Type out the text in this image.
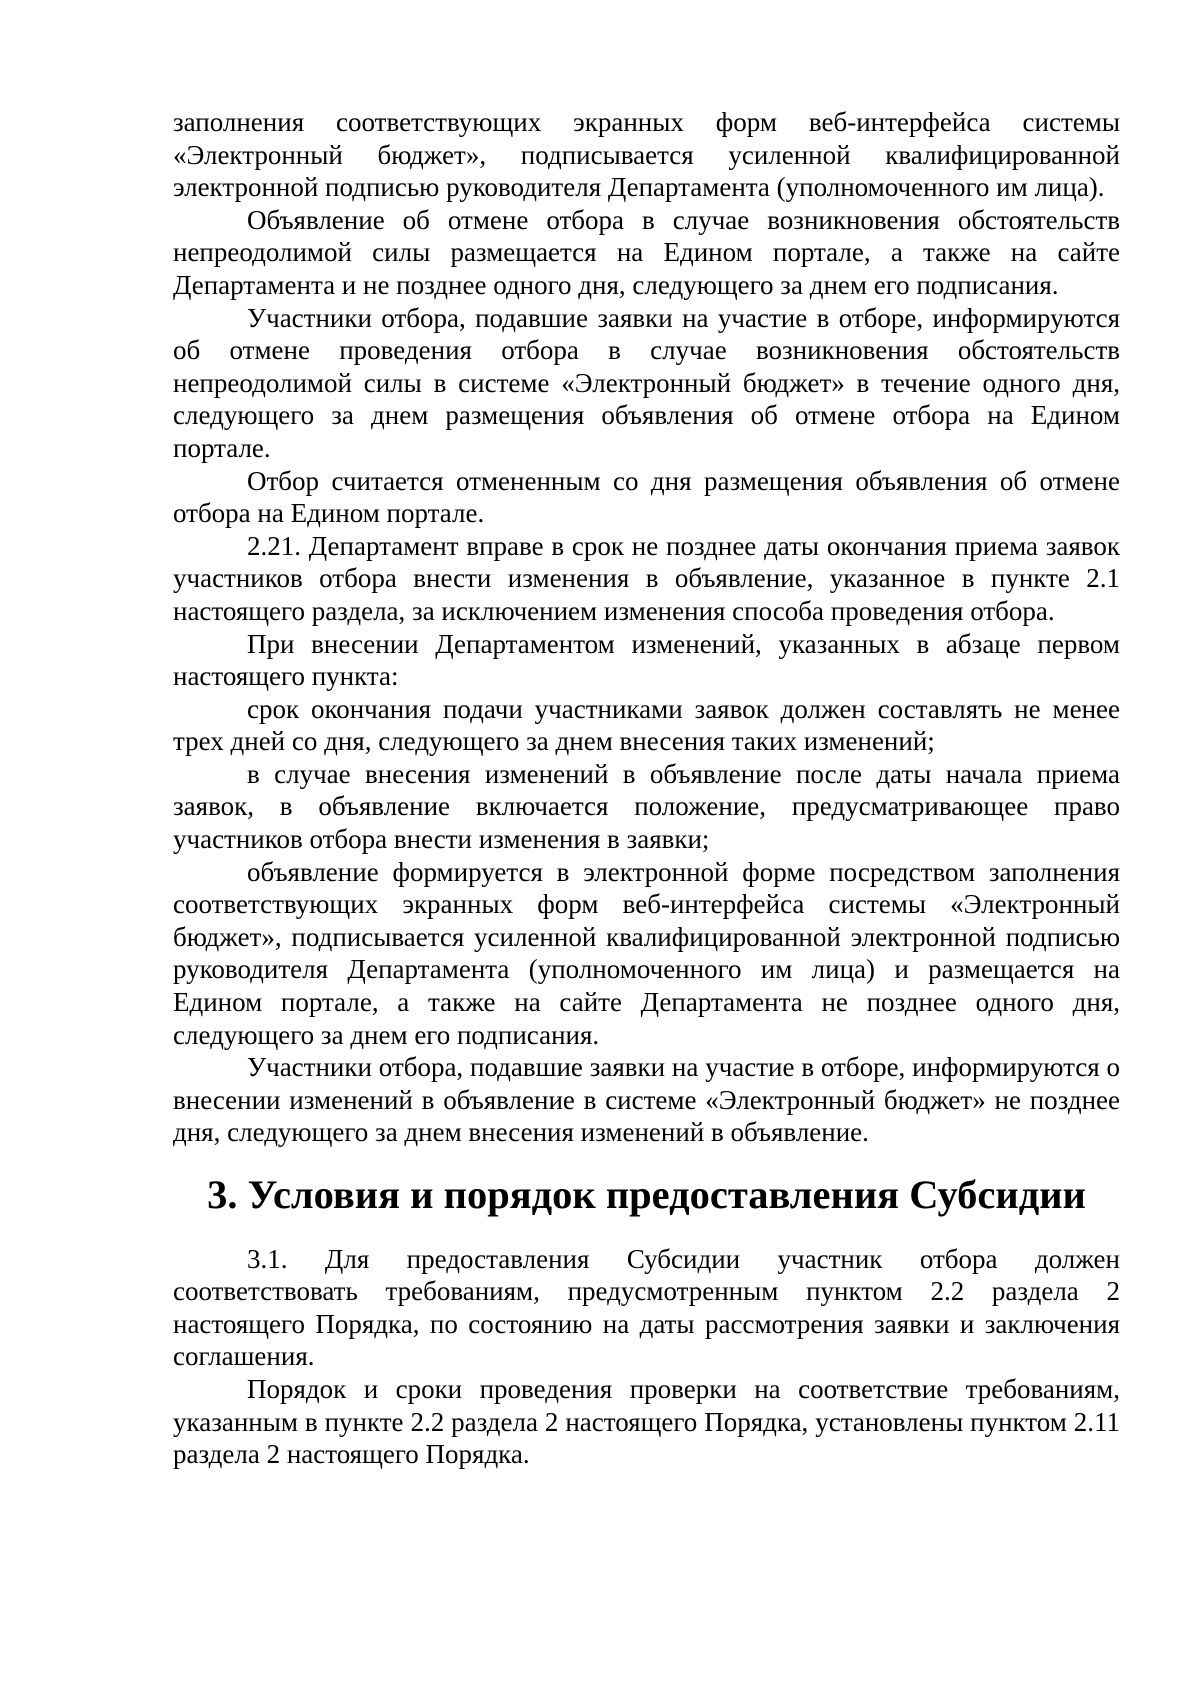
заполнения соответствующих экранных форм веб-интерфейса системы «Электронный бюджет», подписывается усиленной квалифицированной электронной подписью руководителя Департамента (уполномоченного им лица).

Объявление об отмене отбора в случае возникновения обстоятельств непреодолимой силы размещается на Едином портале, а также на сайте Департамента и не позднее одного дня, следующего за днем его подписания.

Участники отбора, подавшие заявки на участие в отборе, информируются об отмене проведения отбора в случае возникновения обстоятельств непреодолимой силы в системе «Электронный бюджет» в течение одного дня, следующего за днем размещения объявления об отмене отбора на Едином портале.

Отбор считается отмененным со дня размещения объявления об отмене отбора на Едином портале.

2.21. Департамент вправе в срок не позднее даты окончания приема заявок участников отбора внести изменения в объявление, указанное в пункте 2.1 настоящего раздела, за исключением изменения способа проведения отбора.

При внесении Департаментом изменений, указанных в абзаце первом настоящего пункта:

срок окончания подачи участниками заявок должен составлять не менее трех дней со дня, следующего за днем внесения таких изменений;

в случае внесения изменений в объявление после даты начала приема заявок, в объявление включается положение, предусматривающее право участников отбора внести изменения в заявки;

объявление формируется в электронной форме посредством заполнения соответствующих экранных форм веб-интерфейса системы «Электронный бюджет», подписывается усиленной квалифицированной электронной подписью руководителя Департамента (уполномоченного им лица) и размещается на Едином портале, а также на сайте Департамента не позднее одного дня, следующего за днем его подписания.

Участники отбора, подавшие заявки на участие в отборе, информируются о внесении изменений в объявление в системе «Электронный бюджет» не позднее дня, следующего за днем внесения изменений в объявление.

3. Условия и порядок предоставления Субсидии

3.1. Для предоставления Субсидии участник отбора должен соответствовать требованиям, предусмотренным пунктом 2.2 раздела 2 настоящего Порядка, по состоянию на даты рассмотрения заявки и заключения соглашения.

Порядок и сроки проведения проверки на соответствие требованиям, указанным в пункте 2.2 раздела 2 настоящего Порядка, установлены пунктом 2.11 раздела 2 настоящего Порядка.
